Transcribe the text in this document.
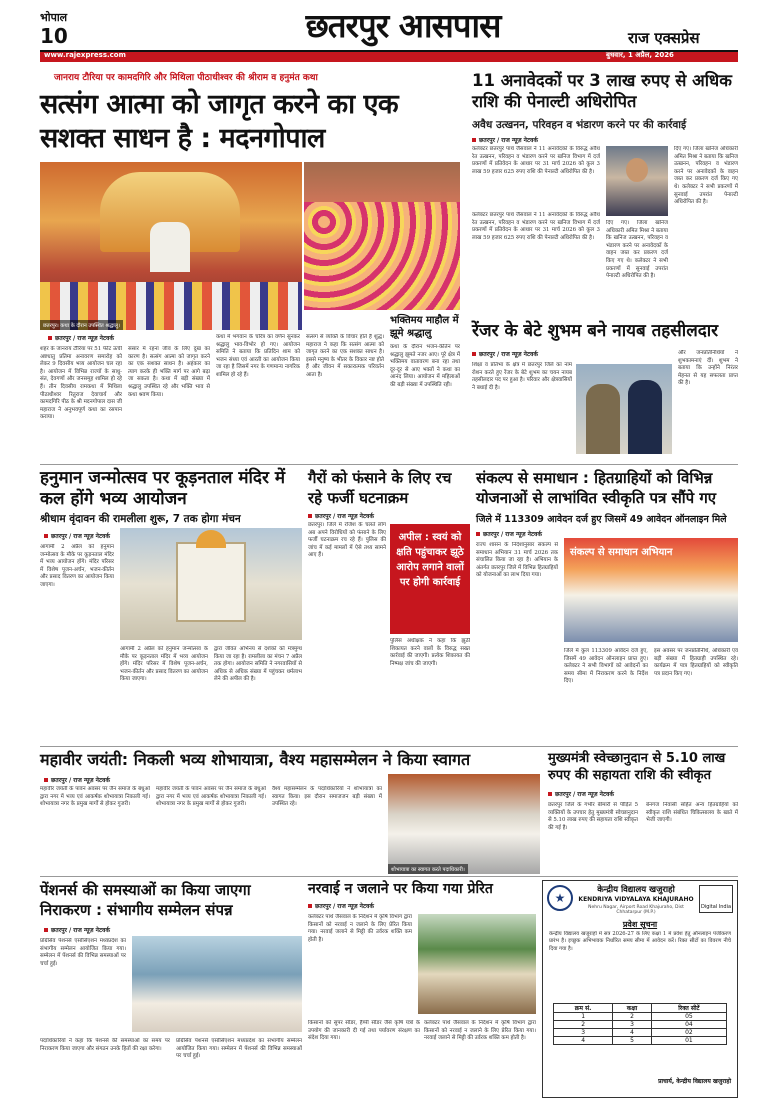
भोपाल
10	छतरपुर आसपास	राज एक्सप्रेस
www.rajexpress.com	बुधवार, 1 अप्रैल, 2026
जानराय टौरिया पर कामदगिरि और मिथिला पीठाधीश्वर की श्रीराम व हनुमंत कथा
सत्संग आत्मा को जागृत करने का एक सशक्त साधन है : मदनगोपाल
छतरपुर। कथा के दौरान उपस्थित श्रद्धालु।
छतरपुर / राज न्यूज़ नेटवर्क
शहर के जानराय टौरिया पर 51 फीट ऊंची अष्टधातु प्रतिमा अनावरण समारोह को लेकर 9 दिवसीय भव्य आयोजन चल रहा है। आयोजन में विभिन्न राज्यों के साधु-संत, देवगणों और जनसमूह शामिल हो रहे हैं। तीन दिवसीय रामकथा में मिथिला पीठाधीश्वर रितुराज देवाचार्य और कामदगिरि पीठ के श्री मदनगोपाल दास जी महाराज ने अनुभवपूर्ण कथा का रसपान कराया।
संसार में रहना जीव के लिए दुख का कारण है। सत्संग आत्मा को जागृत करने का एक सशक्त साधन है। अहंकार का त्याग करके ही भक्ति मार्ग पर आगे बढ़ा जा सकता है। कथा में बड़ी संख्या में श्रद्धालु उपस्थित रहे और भक्ति भाव से कथा श्रवण किया।
कथा में भगवान के चरित्र का वर्णन सुनकर श्रद्धालु भाव-विभोर हो गए। आयोजन समिति ने बताया कि प्रतिदिन शाम को भजन संध्या एवं आरती का आयोजन किया जा रहा है जिसमें नगर के गणमान्य नागरिक शामिल हो रहे हैं।
सत्संग से व्यक्ति के विचार होते हैं शुद्ध। महाराज ने कहा कि सत्संग आत्मा को जागृत करने का एक सशक्त साधन है। इससे मनुष्य के भीतर के विकार नष्ट होते हैं और जीवन में सकारात्मक परिवर्तन आता है।
भक्तिमय माहौल में झूमे श्रद्धालु
कथा के दौरान भजन-कीर्तन पर श्रद्धालु झूमते नजर आए। पूरे क्षेत्र में भक्तिमय वातावरण बना रहा तथा दूर-दूर से आए भक्तों ने कथा का आनंद लिया। आयोजन में महिलाओं की बड़ी संख्या में उपस्थिति रही।
11 अनावेदकों पर 3 लाख रुपए से अधिक राशि की पेनाल्टी अधिरोपित
अवैध उत्खनन, परिवहन व भंडारण करने पर की कार्रवाई
छतरपुर / राज न्यूज़ नेटवर्क
कलेक्टर छतरपुर पार्थ जैसवाल ने 11 अनावेदकों के विरुद्ध अवैध रेत उत्खनन, परिवहन व भंडारण करने पर खनिज विभाग में दर्ज प्रकरणों में प्रतिवेदन के आधार पर 31 मार्च 2026 को कुल 3 लाख 59 हजार 625 रुपए राशि की पेनाल्टी अधिरोपित की है।
कलेक्टर छतरपुर पार्थ जैसवाल ने 11 अनावेदकों के विरुद्ध अवैध रेत उत्खनन, परिवहन व भंडारण करने पर खनिज विभाग में दर्ज प्रकरणों में प्रतिवेदन के आधार पर 31 मार्च 2026 को कुल 3 लाख 59 हजार 625 रुपए राशि की पेनाल्टी अधिरोपित की है।
दिए गए। जिला खनिज अधिकारी अमित मिश्रा ने बताया कि खनिज उत्खनन, परिवहन व भंडारण करने पर अनावेदकों के वाहन जब्त कर प्रकरण दर्ज किए गए थे। कलेक्टर ने सभी प्रकरणों में सुनवाई उपरांत पेनाल्टी अधिरोपित की है।
दिए गए। जिला खनिज अधिकारी अमित मिश्रा ने बताया कि खनिज उत्खनन, परिवहन व भंडारण करने पर अनावेदकों के वाहन जब्त कर प्रकरण दर्ज किए गए थे। कलेक्टर ने सभी प्रकरणों में सुनवाई उपरांत पेनाल्टी अधिरोपित की है।
रेंजर के बेटे शुभम बने नायब तहसीलदार
छतरपुर / राज न्यूज़ नेटवर्क
शिक्षा व प्रतिभा के क्षेत्र में छतरपुर जिले का नाम रोशन करते हुए रेंजर के बेटे शुभम का चयन नायब तहसीलदार पद पर हुआ है। परिवार और क्षेत्रवासियों ने बधाई दी है।
और जनप्रतिनिधियों ने शुभकामनाएं दीं। शुभम ने बताया कि उन्होंने निरंतर मेहनत से यह सफलता प्राप्त की है।
हनुमान जन्मोत्सव पर कूड़नताल मंदिर में कल होंगे भव्य आयोजन
श्रीधाम वृंदावन की रामलीला शुरू, 7 तक होगा मंचन
छतरपुर / राज न्यूज़ नेटवर्क
आगामी 2 अप्रैल को हनुमान जन्मोत्सव के मौके पर कूड़नताल मंदिर में भव्य आयोजन होंगे। मंदिर परिसर में विशेष पूजन-अर्चन, भजन-कीर्तन और प्रसाद वितरण का आयोजन किया जाएगा।
आगामी 2 अप्रैल को हनुमान जन्मोत्सव के मौके पर कूड़नताल मंदिर में भव्य आयोजन होंगे। मंदिर परिसर में विशेष पूजन-अर्चन, भजन-कीर्तन और प्रसाद वितरण का आयोजन किया जाएगा।
द्वारा जीवंत अभिनय से दर्शकों को मंत्रमुग्ध किया जा रहा है। रामलीला का मंचन 7 अप्रैल तक होगा। आयोजन समिति ने नगरवासियों से अधिक से अधिक संख्या में पहुंचकर धर्मलाभ लेने की अपील की है।
गैरों को फंसाने के लिए रच रहे फर्जी घटनाक्रम
छतरपुर / राज न्यूज़ नेटवर्क
छतरपुर। जिले में रंजिश के चलते लोग अब अपने विरोधियों को फंसाने के लिए फर्जी घटनाक्रम रच रहे हैं। पुलिस की जांच में कई मामलों में ऐसे तथ्य सामने आए हैं।
अपील : स्वयं को क्षति पहुंचाकर झूठे आरोप लगाने वालों पर होगी कार्रवाई
पुलिस अधीक्षक ने कहा कि झूठी शिकायत करने वालों के विरुद्ध सख्त कार्रवाई की जाएगी। प्रत्येक शिकायत की निष्पक्ष जांच की जाएगी।
संकल्प से समाधान : हितग्राहियों को विभिन्न योजनाओं से लाभांवित स्वीकृति पत्र सौंपे गए
जिले में 113309 आवेदन दर्ज हुए जिसमें 49 आवेदन ऑनलाइन मिले
छतरपुर / राज न्यूज़ नेटवर्क
राज्य शासन के निर्देशानुसार संकल्प से समाधान अभियान 31 मार्च 2026 तक संचालित किया जा रहा है। अभियान के अंतर्गत छतरपुर जिले में विभिन्न हितग्राहियों को योजनाओं का लाभ दिया गया।
संकल्प से समाधान अभियान
जिले में कुल 113309 आवेदन दर्ज हुए, जिसमें 49 आवेदन ऑनलाइन प्राप्त हुए। कलेक्टर ने सभी विभागों को आवेदनों का समय सीमा में निराकरण करने के निर्देश दिए।
इस अवसर पर जनप्रतिनिधि, अधिकारी एवं बड़ी संख्या में हितग्राही उपस्थित रहे। कार्यक्रम में पात्र हितग्राहियों को स्वीकृति पत्र प्रदान किए गए।
महावीर जयंती: निकली भव्य शोभायात्रा, वैश्य महासम्मेलन ने किया स्वागत
छतरपुर / राज न्यूज़ नेटवर्क
महावीर जयंती के पावन अवसर पर जैन समाज के बंधुओं द्वारा नगर में भव्य एवं आकर्षक शोभायात्रा निकाली गई। शोभायात्रा नगर के प्रमुख मार्गों से होकर गुजरी।
महावीर जयंती के पावन अवसर पर जैन समाज के बंधुओं द्वारा नगर में भव्य एवं आकर्षक शोभायात्रा निकाली गई। शोभायात्रा नगर के प्रमुख मार्गों से होकर गुजरी।
वैश्य महासम्मेलन के पदाधिकारियों ने शोभायात्रा का स्वागत किया। इस दौरान समाजजन बड़ी संख्या में उपस्थित रहे।
शोभायात्रा का स्वागत करते पदाधिकारी।
मुख्यमंत्री स्वेच्छानुदान से 5.10 लाख रुपए की सहायता राशि की स्वीकृत
छतरपुर / राज न्यूज़ नेटवर्क
छतरपुर जिले के गंभीर बीमारी से पीड़ित 5 व्यक्तियों के उपचार हेतु मुख्यमंत्री स्वेच्छानुदान से 5.10 लाख रुपए की सहायता राशि स्वीकृत की गई है।
बेनगंज निवासी सहित अन्य हितग्राहियों को स्वीकृत राशि संबंधित चिकित्सालय के खाते में भेजी जाएगी।
पेंशनर्स की समस्याओं का किया जाएगा निराकरण : संभागीय सम्मेलन संपन्न
छतरपुर / राज न्यूज़ नेटवर्क
प्रोग्रेसिव पेंशनर्स एसोसिएशन मध्यप्रदेश का संभागीय सम्मेलन आयोजित किया गया। सम्मेलन में पेंशनर्स की विभिन्न समस्याओं पर चर्चा हुई।
पदाधिकारियों ने कहा कि पेंशनर्स की समस्याओं का समय पर निराकरण किया जाएगा और संगठन उनके हितों की रक्षा करेगा।
प्रोग्रेसिव पेंशनर्स एसोसिएशन मध्यप्रदेश का संभागीय सम्मेलन आयोजित किया गया। सम्मेलन में पेंशनर्स की विभिन्न समस्याओं पर चर्चा हुई।
नरवाई न जलाने पर किया गया प्रेरित
छतरपुर / राज न्यूज़ नेटवर्क
कलेक्टर पार्थ जैसवाल के निर्देशन में कृषि विभाग द्वारा किसानों को नरवाई न जलाने के लिए प्रेरित किया गया। नरवाई जलाने से मिट्टी की उर्वरक शक्ति कम होती है।
किसानों को सुपर सीडर, हैप्पी सीडर जैसे कृषि यंत्रों के उपयोग की जानकारी दी गई तथा पर्यावरण संरक्षण का संदेश दिया गया।
कलेक्टर पार्थ जैसवाल के निर्देशन में कृषि विभाग द्वारा किसानों को नरवाई न जलाने के लिए प्रेरित किया गया। नरवाई जलाने से मिट्टी की उर्वरक शक्ति कम होती है।
★
केन्द्रीय विद्यालय खजुराहो
KENDRIYA VIDYALAYA KHAJURAHO
Nehru Nagar, Airport Road Khajuraho, Dist Chhatarpur (M.P.)
Digital India
प्रवेश सूचना
केन्द्रीय विद्यालय खजुराहो में सत्र 2026-27 के लिए कक्षा 1 में प्रवेश हेतु ऑनलाइन पंजीकरण प्रारंभ है। इच्छुक अभिभावक निर्धारित समय सीमा में आवेदन करें। रिक्त सीटों का विवरण नीचे दिया गया है।
क्रम सं.	कक्षा	रिक्त सीटें
1	2	05
2	3	04
3	4	02
4	5	01
प्राचार्य, केन्द्रीय विद्यालय खजुराहो
